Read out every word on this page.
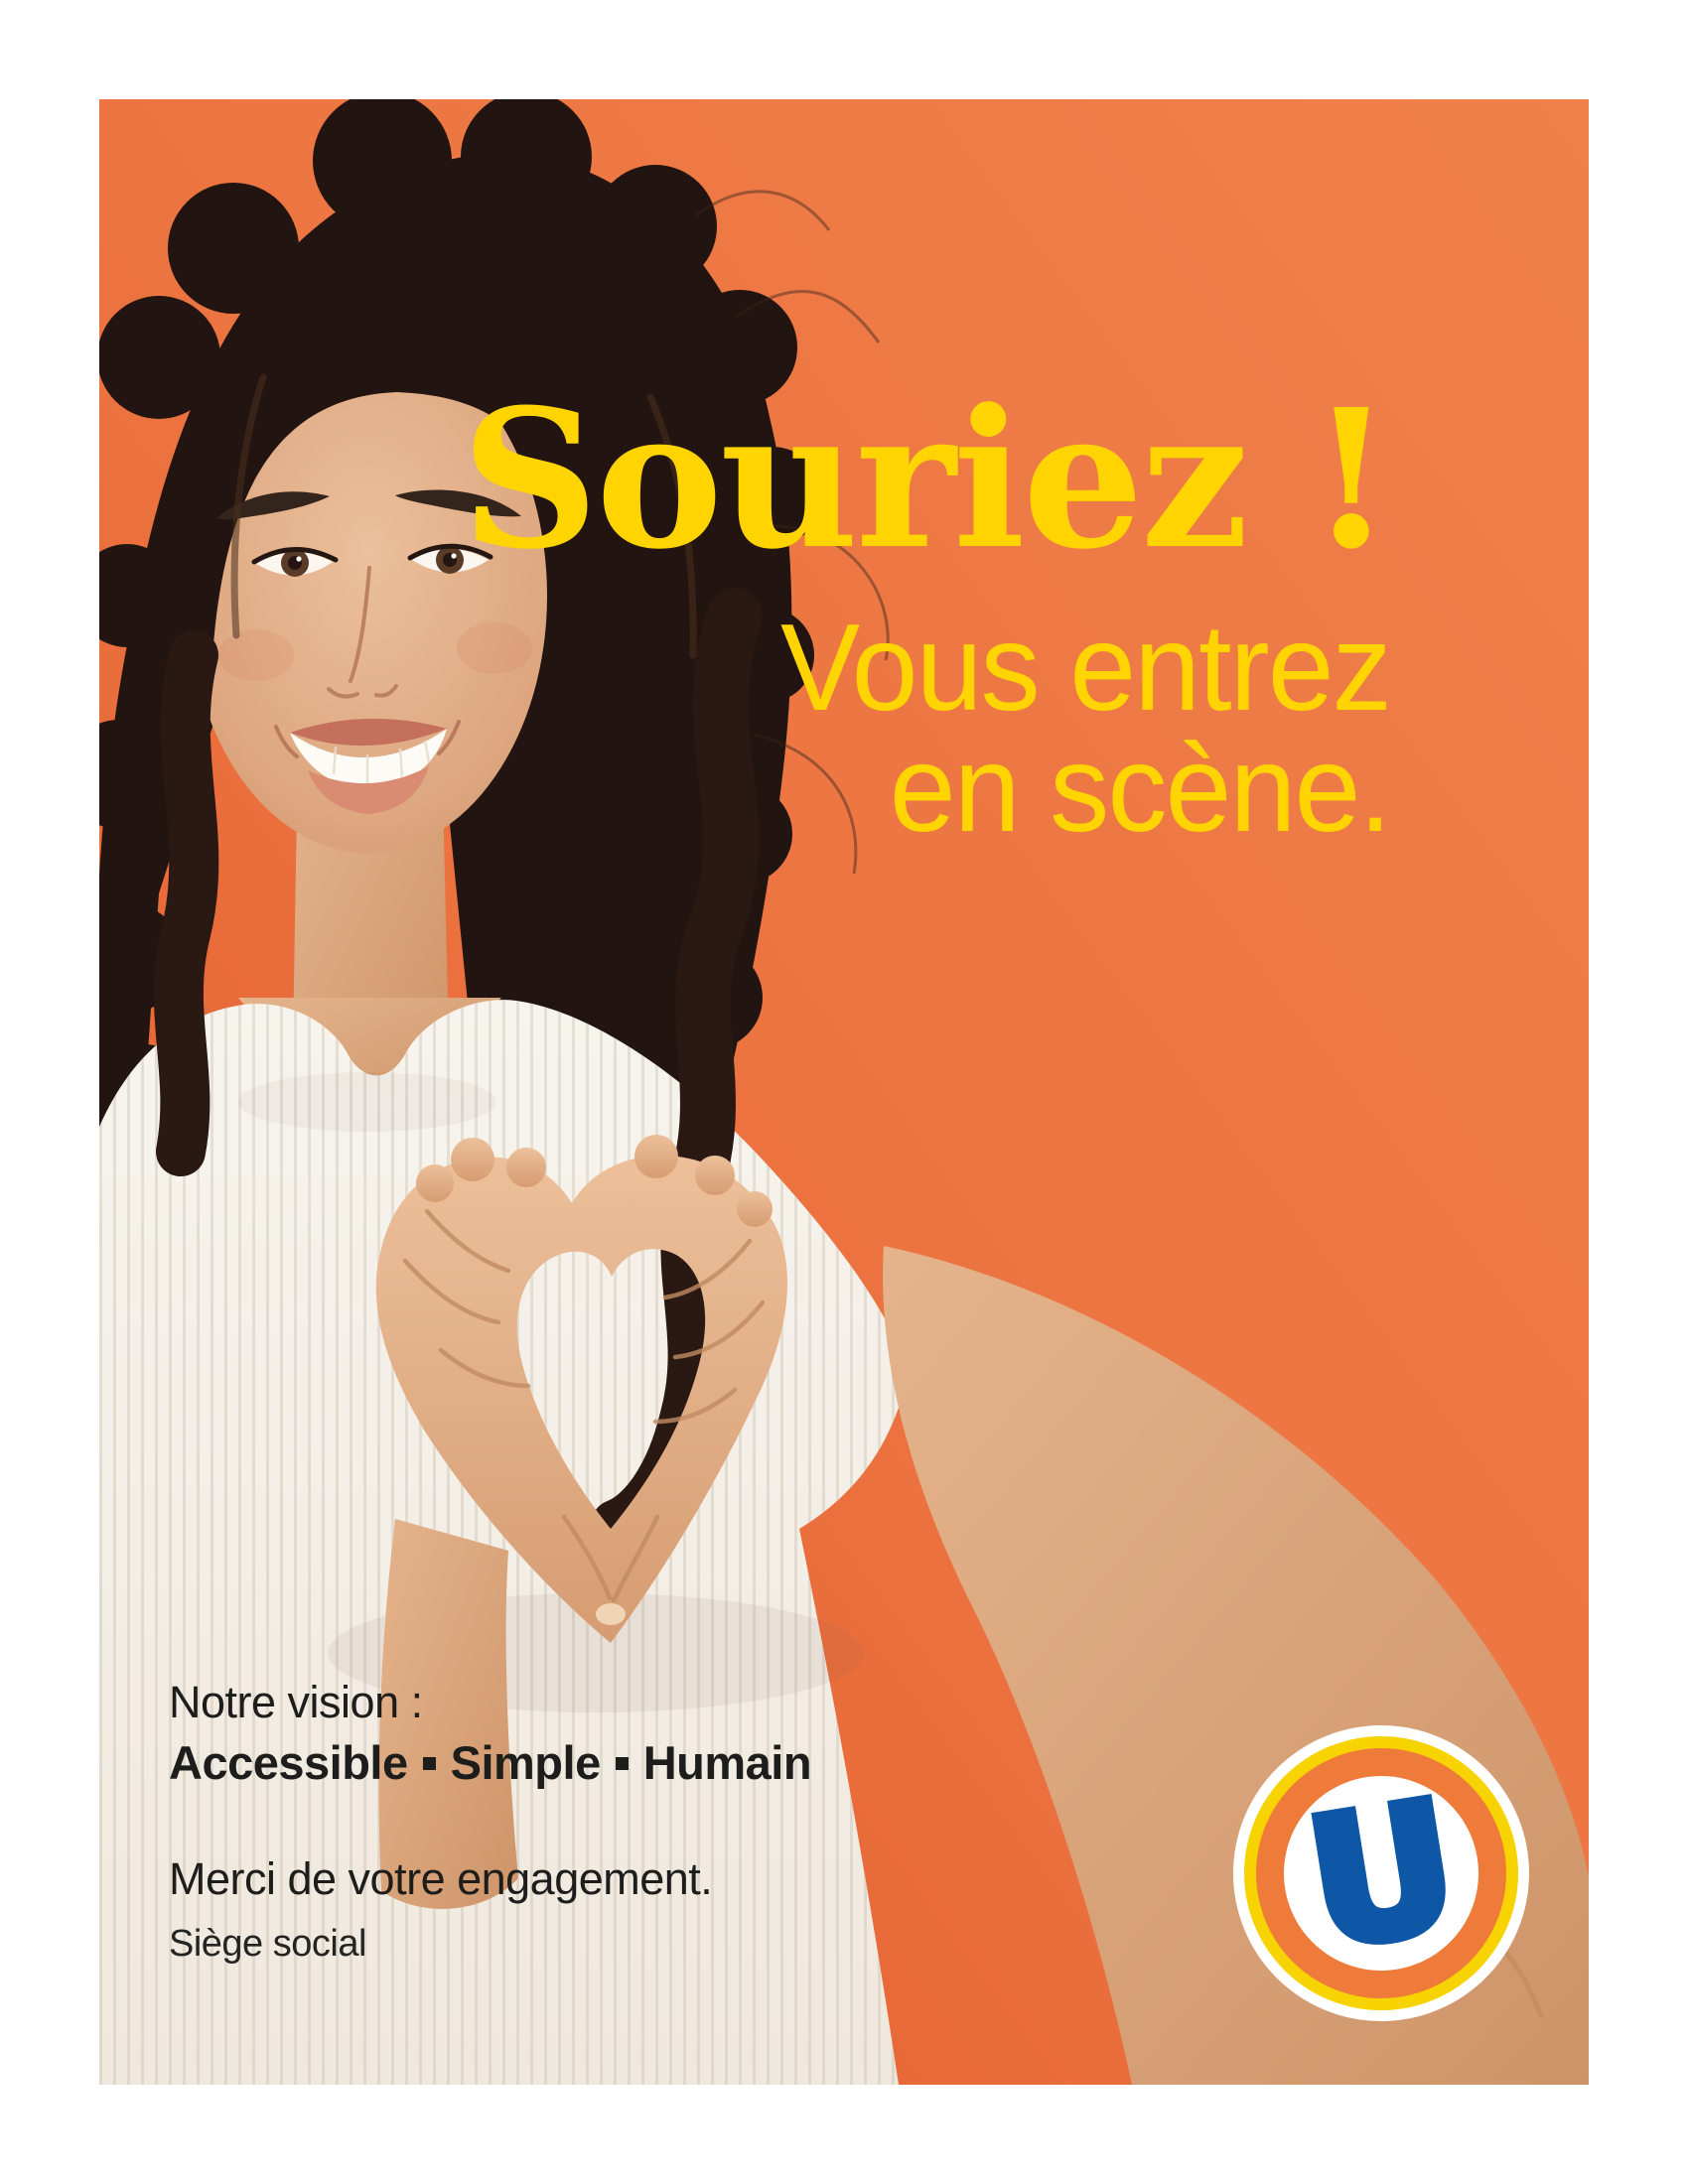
Souriez !
Vous entrez
en scène.
Notre vision :
Accessible Simple Humain
Merci de votre engagement.
Siège social	U
